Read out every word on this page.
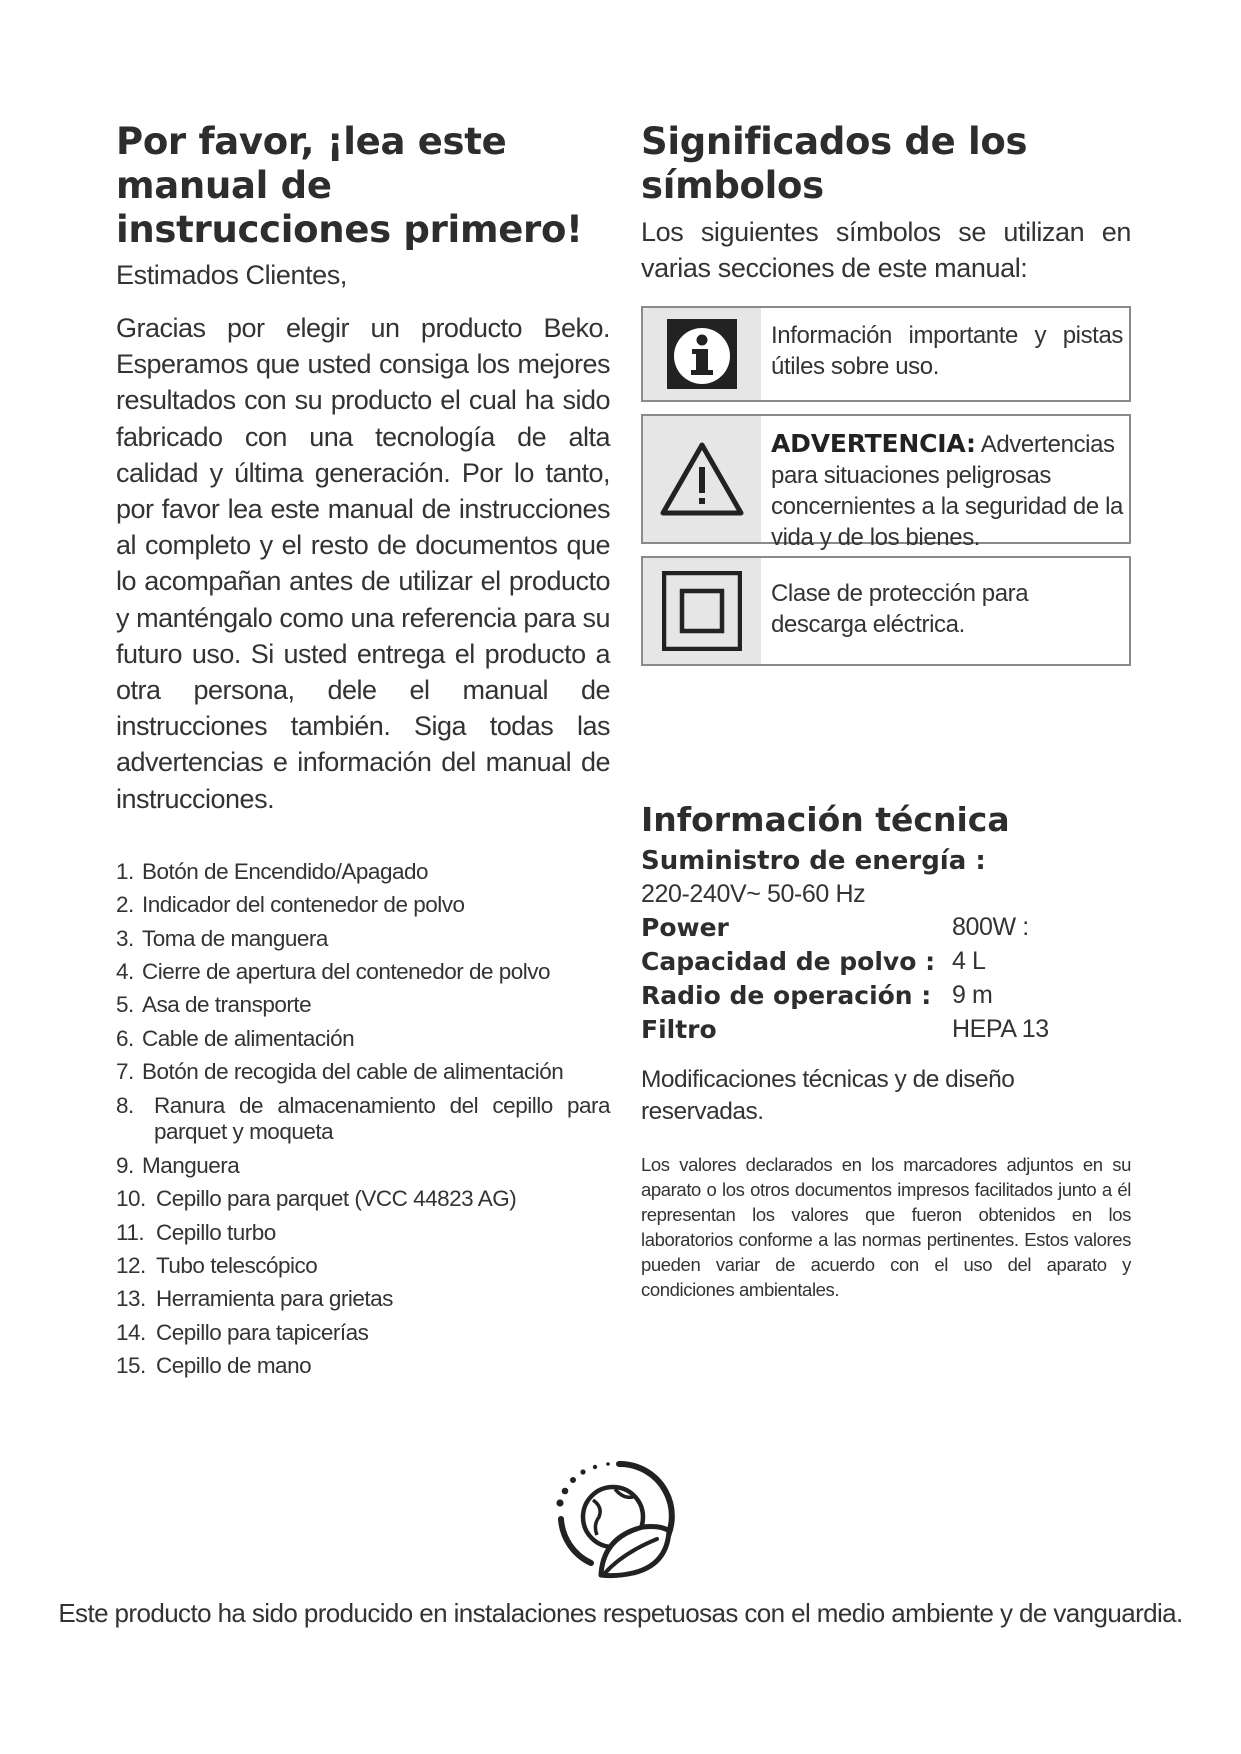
Por favor, ¡lea este manual de instrucciones primero!

Estimados Clientes,

Gracias por elegir un producto Beko. Esperamos que usted consiga los mejores resultados con su producto el cual ha sido fabricado con una tecnología de alta calidad y última generación. Por lo tanto, por favor lea este manual de instrucciones al completo y el resto de documentos que lo acompañan antes de utilizar el producto y manténgalo como una referencia para su futuro uso. Si usted entrega el producto a otra persona, dele el manual de instrucciones también. Siga todas las advertencias e información del manual de instrucciones.

1. Botón de Encendido/Apagado
2. Indicador del contenedor de polvo
3. Toma de manguera
4. Cierre de apertura del contenedor de polvo
5. Asa de transporte
6. Cable de alimentación
7. Botón de recogida del cable de alimentación
8. Ranura de almacenamiento del cepillo para parquet y moqueta
9. Manguera
10. Cepillo para parquet (VCC 44823 AG)
11. Cepillo turbo
12. Tubo telescópico
13. Herramienta para grietas
14. Cepillo para tapicerías
15. Cepillo de mano
Significados de los símbolos

Los siguientes símbolos se utilizan en varias secciones de este manual:

Información importante y pistas útiles sobre uso.
ADVERTENCIA: Advertencias para situaciones peligrosas concernientes a la seguridad de la vida y de los bienes.
Clase de protección para descarga eléctrica.
Información técnica
Suministro de energía :
220-240V~ 50-60 Hz
Power	800W :
Capacidad de polvo : 4 L
Radio de operación : 9 m
Filtro	HEPA 13
Modificaciones técnicas y de diseño reservadas.
Los valores declarados en los marcadores adjuntos en su aparato o los otros documentos impresos facilitados junto a él representan los valores que fueron obtenidos en los laboratorios conforme a las normas pertinentes. Estos valores pueden variar de acuerdo con el uso del aparato y condiciones ambientales.
Este producto ha sido producido en instalaciones respetuosas con el medio ambiente y de vanguardia.
